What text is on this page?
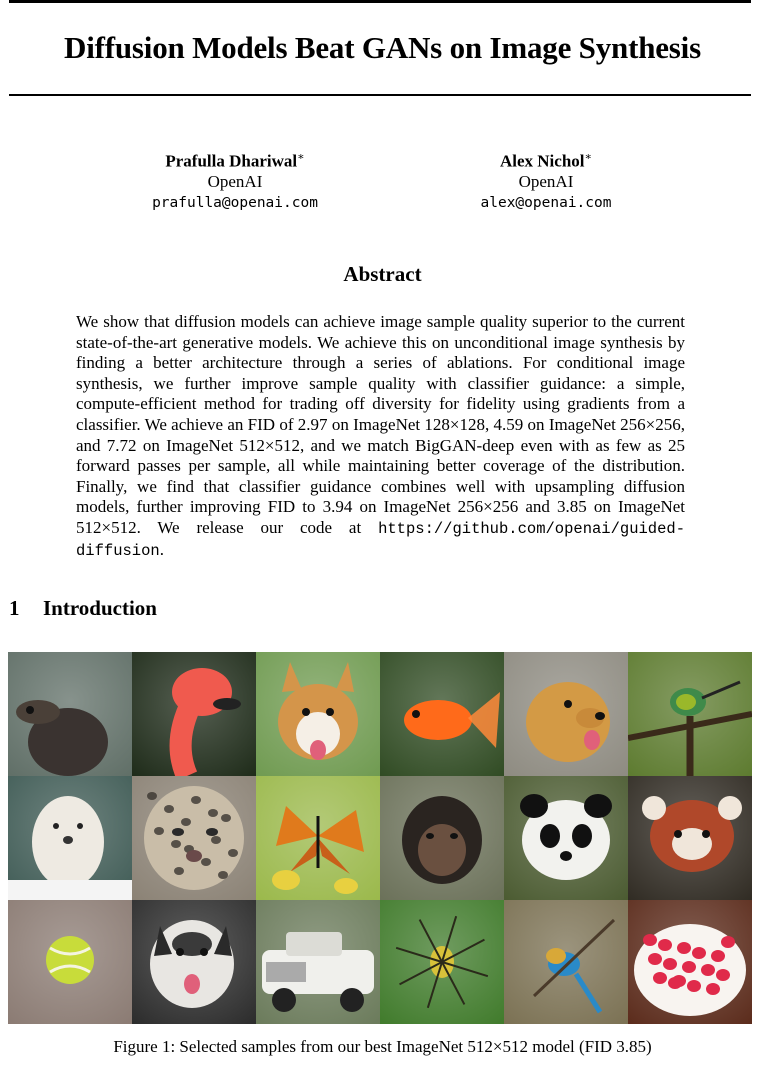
Diffusion Models Beat GANs on Image Synthesis
Prafulla Dhariwal∗
OpenAI
prafulla@openai.com
Alex Nichol∗
OpenAI
alex@openai.com
Abstract
We show that diffusion models can achieve image sample quality superior to the current state-of-the-art generative models. We achieve this on unconditional image synthesis by finding a better architecture through a series of ablations. For conditional image synthesis, we further improve sample quality with classifier guidance: a simple, compute-efficient method for trading off diversity for fidelity using gradients from a classifier. We achieve an FID of 2.97 on ImageNet 128×128, 4.59 on ImageNet 256×256, and 7.72 on ImageNet 512×512, and we match BigGAN-deep even with as few as 25 forward passes per sample, all while maintaining better coverage of the distribution. Finally, we find that classifier guidance combines well with upsampling diffusion models, further improving FID to 3.94 on ImageNet 256×256 and 3.85 on ImageNet 512×512. We release our code at https://github.com/openai/guided-diffusion.
1 Introduction
Figure 1: Selected samples from our best ImageNet 512×512 model (FID 3.85)
